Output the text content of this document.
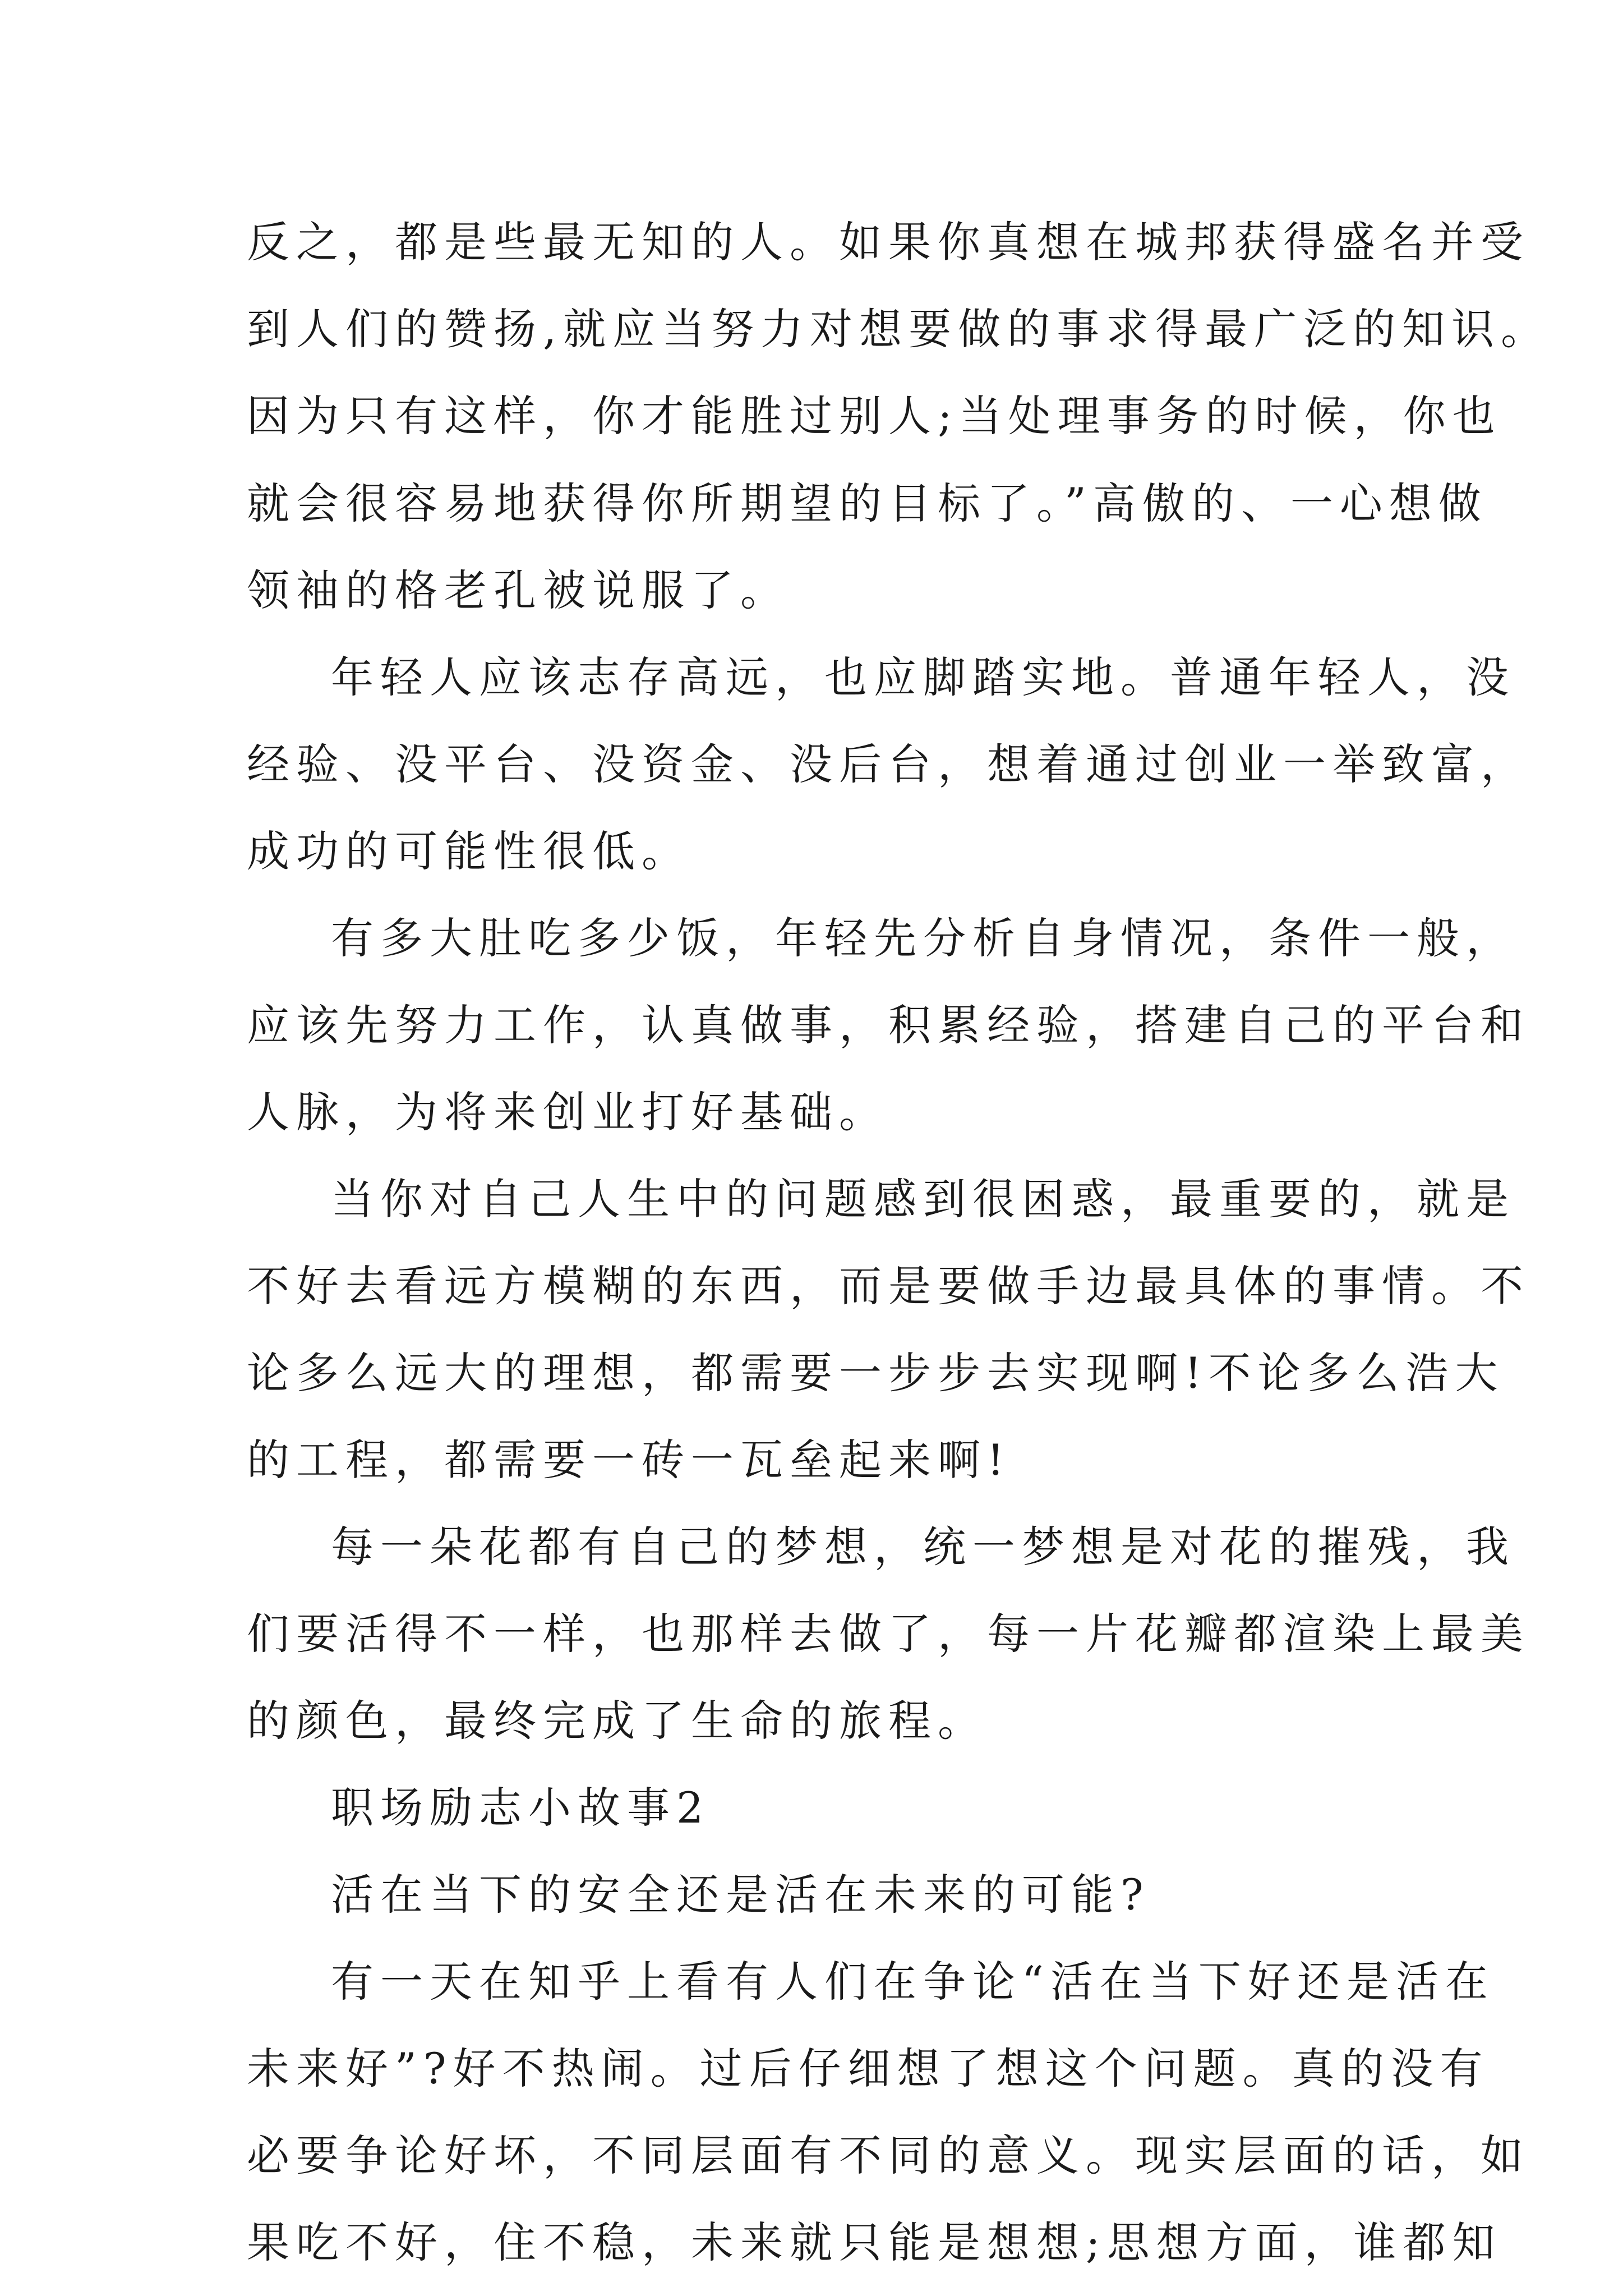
反之，都是些最无知的人。如果你真想在城邦获得盛名并受
到人们的赞扬,就应当努力对想要做的事求得最广泛的知识。
因为只有这样，你才能胜过别人;当处理事务的时候，你也
就会很容易地获得你所期望的目标了。”高傲的、一心想做
领袖的格老孔被说服了。
年轻人应该志存高远，也应脚踏实地。普通年轻人，没
经验、没平台、没资金、没后台，想着通过创业一举致富，
成功的可能性很低。
有多大肚吃多少饭，年轻先分析自身情况，条件一般，
应该先努力工作，认真做事，积累经验，搭建自己的平台和
人脉，为将来创业打好基础。
当你对自己人生中的问题感到很困惑，最重要的，就是
不好去看远方模糊的东西，而是要做手边最具体的事情。不
论多么远大的理想，都需要一步步去实现啊!不论多么浩大
的工程，都需要一砖一瓦垒起来啊!
每一朵花都有自己的梦想，统一梦想是对花的摧残，我
们要活得不一样，也那样去做了，每一片花瓣都渲染上最美
的颜色，最终完成了生命的旅程。
职场励志小故事2
活在当下的安全还是活在未来的可能?
有一天在知乎上看有人们在争论“活在当下好还是活在
未来好”?好不热闹。过后仔细想了想这个问题。真的没有
必要争论好坏，不同层面有不同的意义。现实层面的话，如
果吃不好，住不稳，未来就只能是想想;思想方面，谁都知
